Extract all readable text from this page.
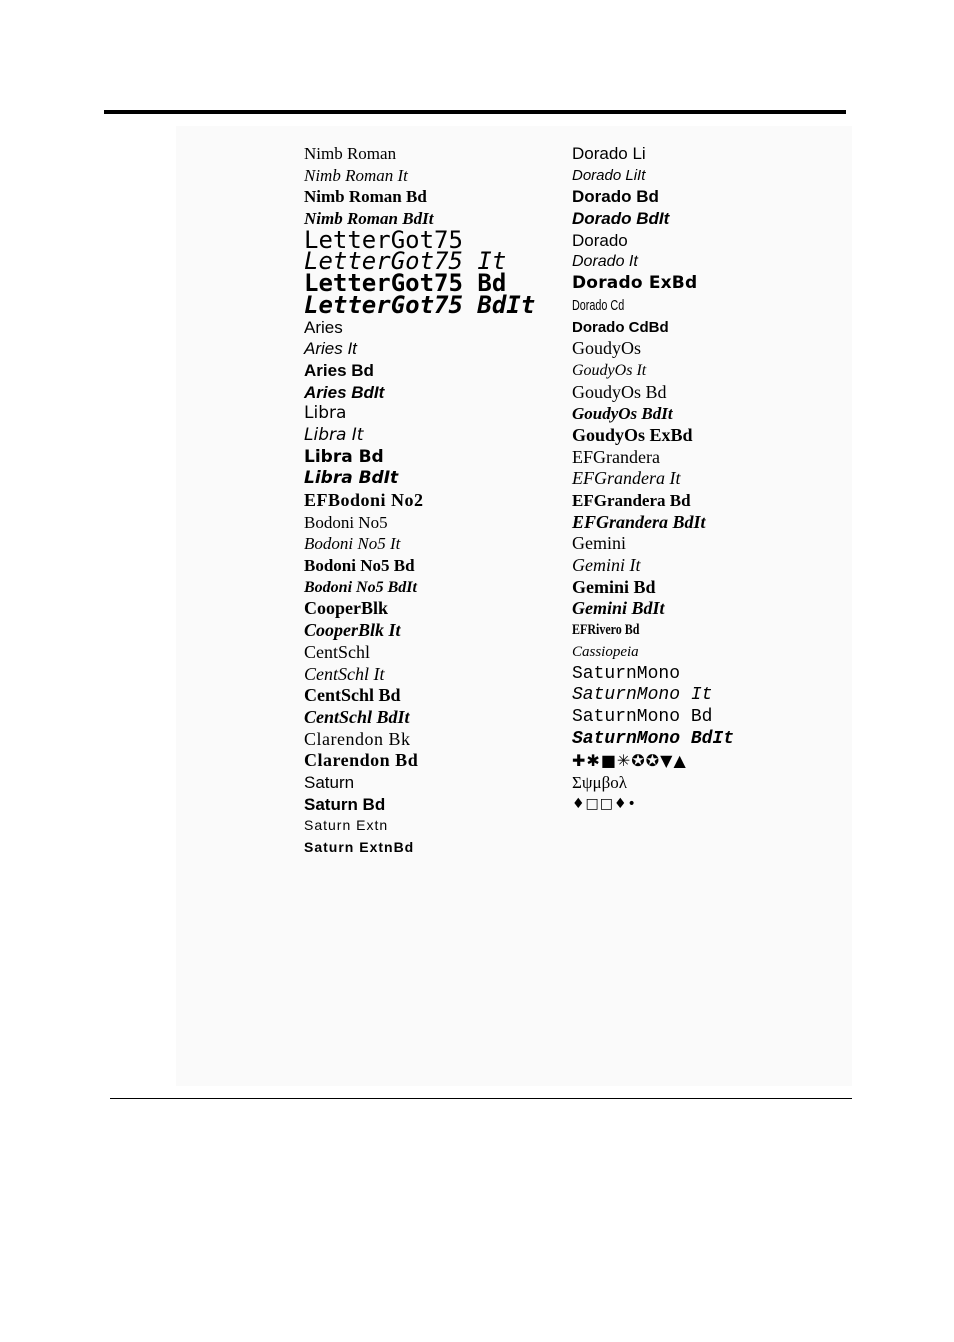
Nimb Roman
Nimb Roman It
Nimb Roman Bd
Nimb Roman BdIt
LetterGot75
LetterGot75 It
LetterGot75 Bd
LetterGot75 BdIt
Aries
Aries It
Aries Bd
Aries BdIt
Libra
Libra It
Libra Bd
Libra BdIt
EFBodoni No2
Bodoni No5
Bodoni No5 It
Bodoni No5 Bd
Bodoni No5 BdIt
CooperBlk
CooperBlk It
CentSchl
CentSchl It
CentSchl Bd
CentSchl BdIt
Clarendon Bk
Clarendon Bd
Saturn
Saturn Bd
Saturn Extn
Saturn ExtnBd
Dorado Li
Dorado LiIt
Dorado Bd
Dorado BdIt
Dorado
Dorado It
Dorado ExBd
Dorado Cd
Dorado CdBd
GoudyOs
GoudyOs It
GoudyOs Bd
GoudyOs BdIt
GoudyOs ExBd
EFGrandera
EFGrandera It
EFGrandera Bd
EFGrandera BdIt
Gemini
Gemini It
Gemini Bd
Gemini BdIt
EFRivero Bd
Cassiopeia
SaturnMono
SaturnMono It
SaturnMono Bd
SaturnMono BdIt
✚✱■✳✪✪▼▲
Σψμβολ
♦□□♦•
